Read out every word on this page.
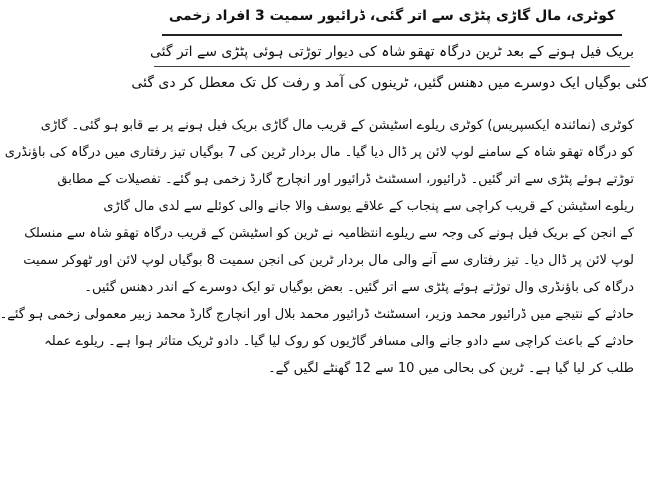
کوٹری، مال گاڑی پٹڑی سے اتر گئی، ڈرائیور سمیت 3 افراد زخمی
بریک فیل ہونے کے بعد ٹرین درگاہ تھقو شاہ کی دیوار توڑتی ہوئی پٹڑی سے اتر گئی
کئی بوگیاں ایک دوسرے میں دھنس گئیں، ٹرینوں کی آمد و رفت کل تک معطل کر دی گئی
کوٹری (نمائندہ ایکسپریس) کوٹری ریلوے اسٹیشن کے قریب مال گاڑی بریک فیل ہونے پر بے قابو ہو گئی۔ گاڑی
کو درگاہ تھقو شاہ کے سامنے لوپ لائن پر ڈال دیا گیا۔ مال بردار ٹرین کی 7 بوگیاں تیز رفتاری میں درگاہ کی باؤنڈری
توڑتے ہوئے پٹڑی سے اتر گئیں۔ ڈرائیور، اسسٹنٹ ڈرائیور اور انچارج گارڈ زخمی ہو گئے۔ تفصیلات کے مطابق
ریلوے اسٹیشن کے قریب کراچی سے پنجاب کے علاقے یوسف والا جانے والی کوئلے سے لدی مال گاڑی
کے انجن کے بریک فیل ہونے کی وجہ سے ریلوے انتظامیہ نے ٹرین کو اسٹیشن کے قریب درگاہ تھقو شاہ سے منسلک
لوپ لائن پر ڈال دیا۔ تیز رفتاری سے آنے والی مال بردار ٹرین کی انجن سمیت 8 بوگیاں لوپ لائن اور ٹھوکر سمیت
درگاہ کی باؤنڈری وال توڑتے ہوئے پٹڑی سے اتر گئیں۔ بعض بوگیاں تو ایک دوسرے کے اندر دھنس گئیں۔
حادثے کے نتیجے میں ڈرائیور محمد وزیر، اسسٹنٹ ڈرائیور محمد بلال اور انچارج گارڈ محمد زبیر معمولی زخمی ہو گئے۔
حادثے کے باعث کراچی سے دادو جانے والی مسافر گاڑیوں کو روک لیا گیا۔ دادو ٹریک متاثر ہوا ہے۔ ریلوے عملہ
طلب کر لیا گیا ہے۔ ٹرین کی بحالی میں 10 سے 12 گھنٹے لگیں گے۔
